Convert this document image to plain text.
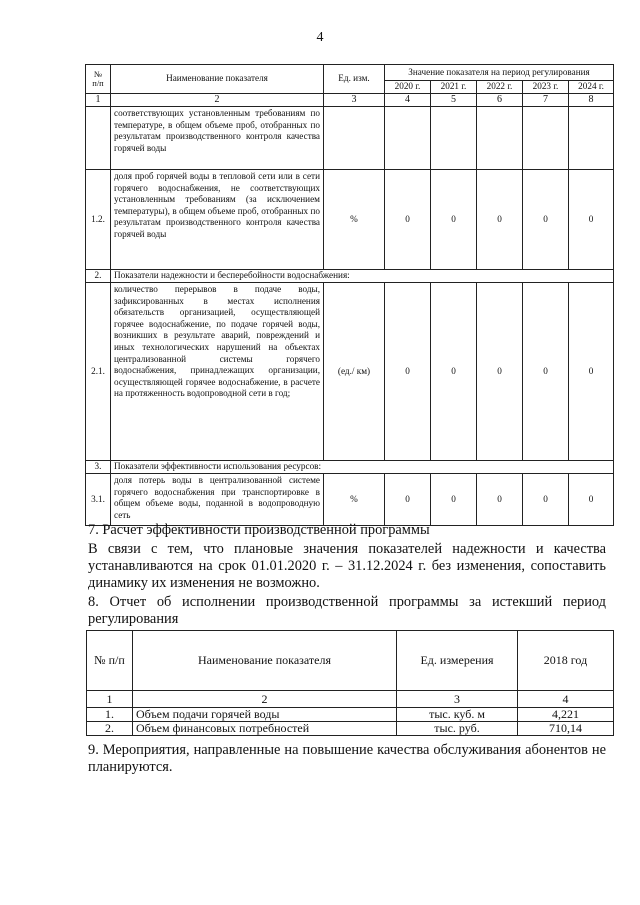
4
№
п/п	Наименование показателя	Ед. изм.	Значение показателя на период регулирования				
			2020 г.	2021 г.	2022 г.	2023 г.	2024 г.
1	2	3	4	5	6	7	8
	соответствующих установленным требованиям по температуре, в общем объеме проб, отобранных по результатам производственного контроля качества горячей воды						
1.2.	доля проб горячей воды в тепловой сети или в сети горячего водоснабжения, не соответствующих установленным требованиям (за исключением температуры), в общем объеме проб, отобранных по результатам производственного контроля качества горячей воды	%	0	0	0	0	0
2.	Показатели надежности и бесперебойности водоснабжения:						
2.1.	количество перерывов в подаче воды, зафиксированных в местах исполнения обязательств организацией, осуществляющей горячее водоснабжение, по подаче горячей воды, возникших в результате аварий, повреждений и иных технологических нарушений на объектах централизованной системы горячего водоснабжения, принадлежащих организации, осуществляющей горячее водоснабжение, в расчете на протяженность водопроводной сети в год;	(ед./ км)	0	0	0	0	0
3.	Показатели эффективности использования ресурсов:						
3.1.	доля потерь воды в централизованной системе горячего водоснабжения при транспортировке в общем объеме воды, поданной в водопроводную сеть	%	0	0	0	0	0
7. Расчет эффективности производственной программы
В связи с тем, что плановые значения показателей надежности и качества устанавливаются на срок 01.01.2020 г. – 31.12.2024 г. без изменения, сопоставить динамику их изменения не возможно.
8. Отчет об исполнении производственной программы за истекший период регулирования
№ п/п	Наименование показателя	Ед. измерения	2018 год
1	2	3	4
1.	Объем подачи горячей воды	тыс. куб. м	4,221
2.	Объем финансовых потребностей	тыс. руб.	710,14
9. Мероприятия, направленные на повышение качества обслуживания абонентов не планируются.
